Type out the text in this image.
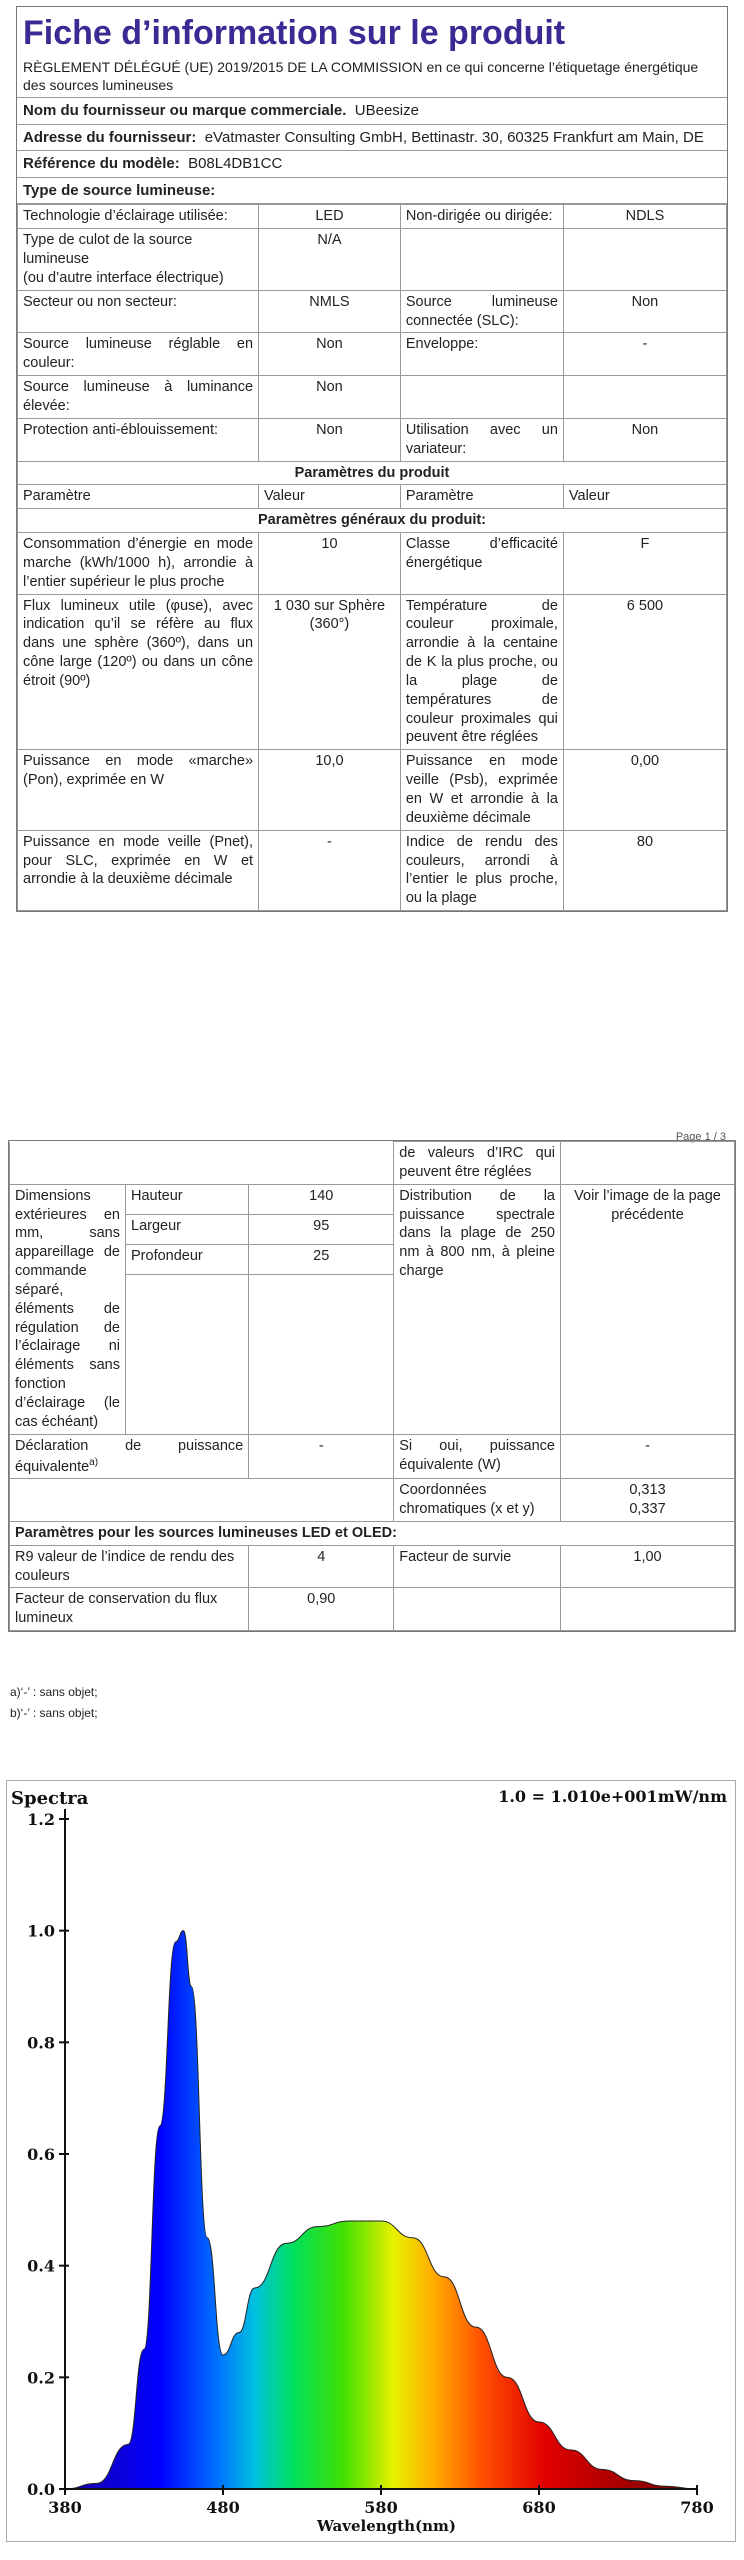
Fiche d’information sur le produit
RÈGLEMENT DÉLÉGUÉ (UE) 2019/2015 DE LA COMMISSION en ce qui concerne l’étiquetage énergétique des sources lumineuses
Nom du fournisseur ou marque commerciale. UBeesize
Adresse du fournisseur: eVatmaster Consulting GmbH, Bettinastr. 30, 60325 Frankfurt am Main, DE
Référence du modèle: B08L4DB1CC
Type de source lumineuse:
Technologie d’éclairage utilisée:	LED	Non-dirigée ou dirigée:	NDLS
Type de culot de la source lumineuse
(ou d’autre interface électrique)	N/A		
Secteur ou non secteur:	NMLS	Source lumineuse connectée (SLC):	Non
Source lumineuse réglable en couleur:	Non	Enveloppe:	-
Source lumineuse à luminance élevée:	Non		
Protection anti-éblouissement:	Non	Utilisation avec un variateur:	Non
Paramètres du produit			
Paramètre	Valeur	Paramètre	Valeur
Paramètres généraux du produit:			
Consommation d’énergie en mode marche (kWh/1000 h), arrondie à l’entier supérieur le plus proche	10	Classe d’efficacité énergétique	F
Flux lumineux utile (φuse), avec indication qu’il se réfère au flux dans une sphère (360º), dans un cône large (120º) ou dans un cône étroit (90º)	1 030 sur Sphère (360°)	Température de couleur proximale, arrondie à la centaine de K la plus proche, ou la plage de températures de couleur proximales qui peuvent être réglées	6 500
Puissance en mode «marche» (Pon), exprimée en W	10,0	Puissance en mode veille (Psb), exprimée en W et arrondie à la deuxième décimale	0,00
Puissance en mode veille (Pnet), pour SLC, exprimée en W et arrondie à la deuxième décimale	-	Indice de rendu des couleurs, arrondi à l’entier le plus proche, ou la plage	80
Page 1 / 3
			de valeurs d’IRC qui peuvent être réglées	
Dimensions extérieures en mm, sans appareillage de commande séparé, éléments de régulation de l’éclairage ni éléments sans fonction d’éclairage (le cas échéant)	Hauteur	140	Distribution de la puissance spectrale dans la plage de 250 nm à 800 nm, à pleine charge	Voir l’image de la page précédente
	Largeur	95		
	Profondeur	25		

Déclaration de puissance équivalente$^{a)}$		-	Si oui, puissance équivalente (W)	-
			Coordonnées chromatiques (x et y)	0,313
0,337
Paramètres pour les sources lumineuses LED et OLED:				
R9 valeur de l’indice de rendu des couleurs		4	Facteur de survie	1,00
Facteur de conservation du flux lumineux		0,90		
a)‘-’ : sans objet;
b)‘-’ : sans objet;
0.0
0.2
0.4
0.6
0.8
1.0
1.2
380	480	580	680	780
Spectra	1.0 = 1.010e+001mW/nm
Wavelength(nm)
